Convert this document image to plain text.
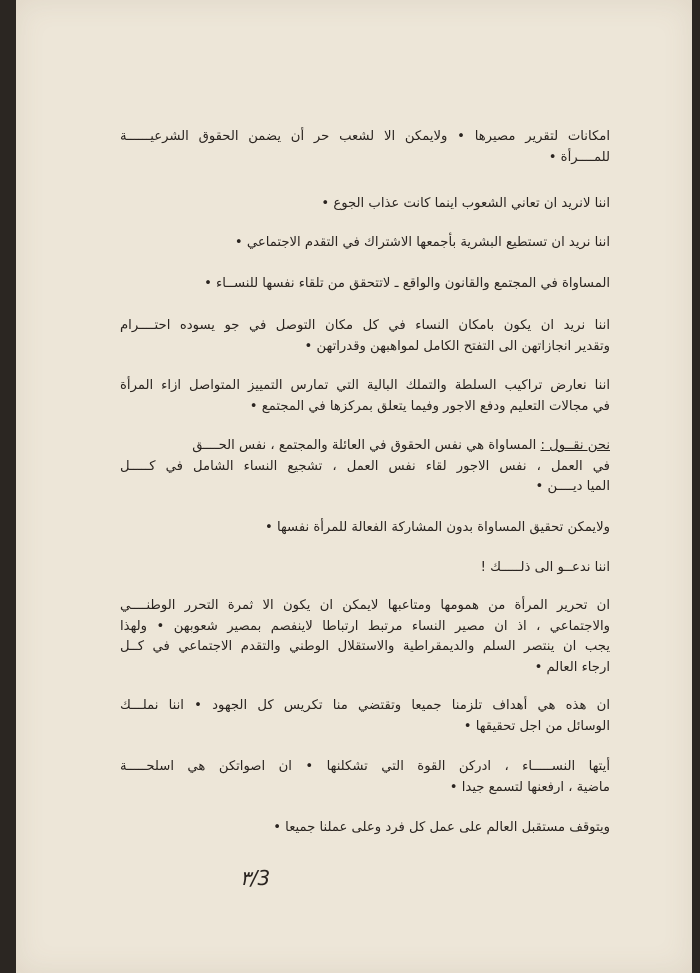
امكانات لتقرير مصيرها • ولايمكن الا لشعب حر أن يضمن الحقوق الشرعيــــــة
للمــــرأة •
اننا لانريد ان تعاني الشعوب اينما كانت عذاب الجوع •
اننا نريد ان تستطيع البشرية بأجمعها الاشتراك في التقدم الاجتماعي •
المساواة في المجتمع والقانون والواقع ـ لاتتحقق من تلقاء نفسها للنســاء •
اننا نريد ان يكون بامكان النساء في كل مكان التوصل في جو يسوده احتــــرام
وتقدير انجازاتهن الى التفتح الكامل لمواهبهن وقدراتهن •
اننا نعارض تراكيب السلطة والتملك البالية التي تمارس التمييز المتواصل ازاء المرأة
في مجالات التعليم ودفع الاجور وفيما يتعلق بمركزها في المجتمع •
نحن نقــول : المساواة هي نفس الحقوق في العائلة والمجتمع ، نفس الحــــق
في العمل ، نفس الاجور لقاء نفس العمل ، تشجيع النساء الشامل في كـــــل
الميا ديــــن •
ولايمكن تحقيق المساواة بدون المشاركة الفعالة للمرأة نفسها •
اننا ندعــو الى ذلـــــك !
ان تحرير المرأة من همومها ومتاعبها لايمكن ان يكون الا ثمرة التحرر الوطنــــي
والاجتماعي ، اذ ان مصير النساء مرتبط ارتباطا لاينفصم بمصير شعوبهن • ولهذا
يجب ان ينتصر السلم والديمقراطية والاستقلال الوطني والتقدم الاجتماعي في كــل
ارجاء العالم •
ان هذه هي أهداف تلزمنا جميعا وتقتضي منا تكريس كل الجهود • اننا نملـــك
الوسائل من اجل تحقيقها •
أيتها النســـــاء ، ادركن القوة التي تشكلنها • ان اصواتكن هي اسلحـــــة
ماضية ، ارفعنها لتسمع جيدا •
ويتوقف مستقبل العالم على عمل كل فرد وعلى عملنا جميعا •
٣/3
